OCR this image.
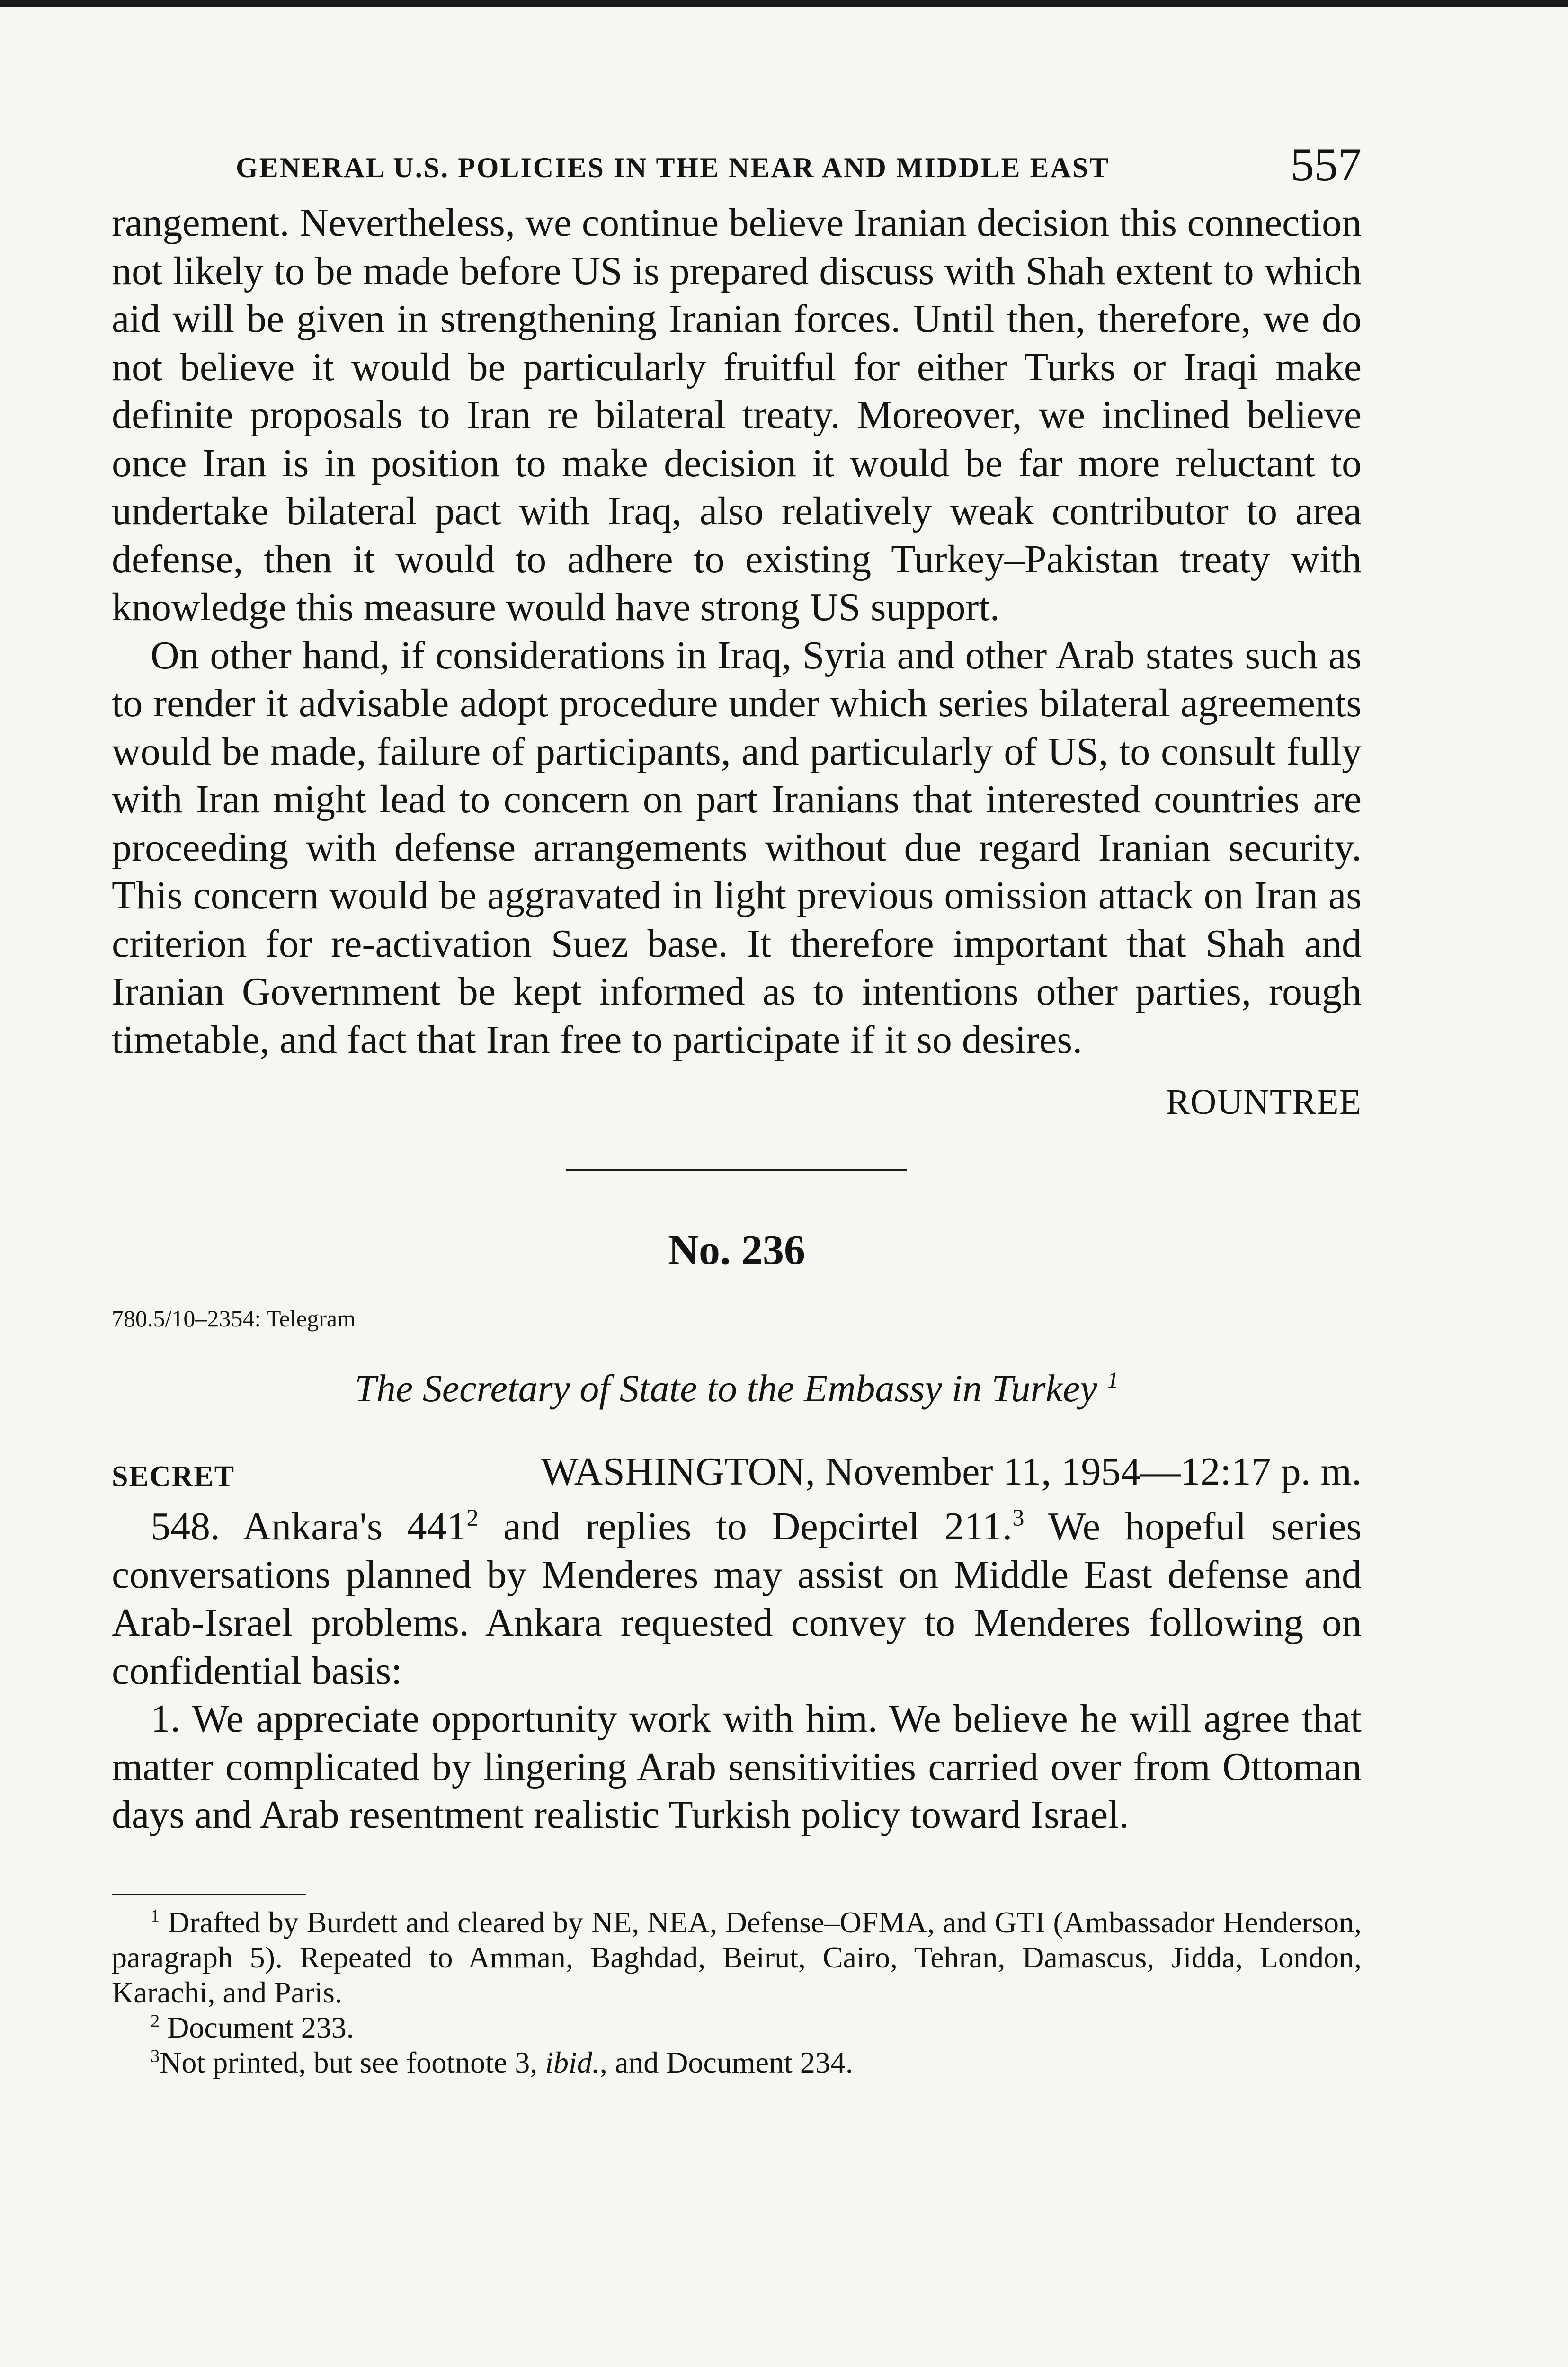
GENERAL U.S. POLICIES IN THE NEAR AND MIDDLE EAST	557

rangement. Nevertheless, we continue believe Iranian decision this connection not likely to be made before US is prepared discuss with Shah extent to which aid will be given in strengthening Iranian forces. Until then, therefore, we do not believe it would be particularly fruitful for either Turks or Iraqi make definite proposals to Iran re bilateral treaty. Moreover, we inclined believe once Iran is in position to make decision it would be far more reluctant to undertake bilateral pact with Iraq, also relatively weak contributor to area defense, then it would to adhere to existing Turkey–Pakistan treaty with knowledge this measure would have strong US support.

On other hand, if considerations in Iraq, Syria and other Arab states such as to render it advisable adopt procedure under which series bilateral agreements would be made, failure of participants, and particularly of US, to consult fully with Iran might lead to concern on part Iranians that interested countries are proceeding with defense arrangements without due regard Iranian security. This concern would be aggravated in light previous omission attack on Iran as criterion for re-activation Suez base. It therefore important that Shah and Iranian Government be kept informed as to intentions other parties, rough timetable, and fact that Iran free to participate if it so desires.

ROUNTREE
No. 236
780.5/10–2354: Telegram
The Secretary of State to the Embassy in Turkey $^1$
SECRET	WASHINGTON, November 11, 1954—12:17 p. m.

548. Ankara's $441^2$ and replies to Depcirtel 211.$^3$ We hopeful series conversations planned by Menderes may assist on Middle East defense and Arab-Israel problems. Ankara requested convey to Menderes following on confidential basis:

1. We appreciate opportunity work with him. We believe he will agree that matter complicated by lingering Arab sensitivities carried over from Ottoman days and Arab resentment realistic Turkish policy toward Israel.

$^1$ Drafted by Burdett and cleared by NE, NEA, Defense–OFMA, and GTI (Ambassador Henderson, paragraph 5). Repeated to Amman, Baghdad, Beirut, Cairo, Tehran, Damascus, Jidda, London, Karachi, and Paris.

$^2$ Document 233.

$^3$Not printed, but see footnote 3, ibid., and Document 234.
